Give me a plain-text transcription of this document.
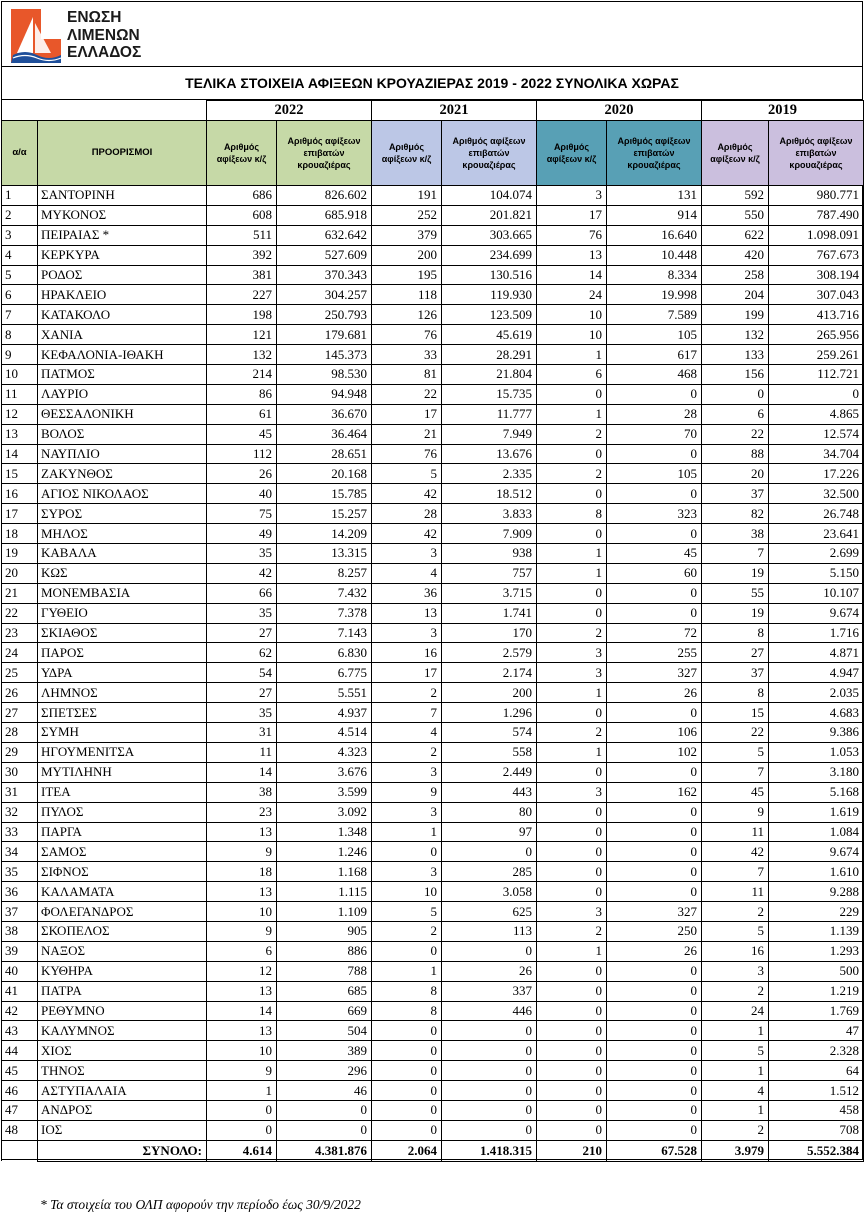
ΕΝΩΣΗ
ΛΙΜΕΝΩΝ
ΕΛΛΑΔΟΣ
ΤΕΛΙΚΑ ΣΤΟΙΧΕΙΑ ΑΦΙΞΕΩΝ ΚΡΟΥΑΖΙΕΡΑΣ 2019 - 2022 ΣΥΝΟΛΙΚΑ ΧΩΡΑΣ
		2022		2021		2020		2019	
α/α	ΠΡΟΟΡΙΣΜΟΙ	Αριθμός αφίξεων κ/ζ	Αριθμός αφίξεων επιβατών κρουαζιέρας	Αριθμός αφίξεων κ/ζ	Αριθμός αφίξεων επιβατών κρουαζιέρας	Αριθμός αφίξεων κ/ζ	Αριθμός αφίξεων επιβατών κρουαζιέρας	Αριθμός αφίξεων κ/ζ	Αριθμός αφίξεων επιβατών κρουαζιέρας
1	ΣΑΝΤΟΡΙΝΗ	686	826.602	191	104.074	3	131	592	980.771
2	ΜΥΚΟΝΟΣ	608	685.918	252	201.821	17	914	550	787.490
3	ΠΕΙΡΑΙΑΣ *	511	632.642	379	303.665	76	16.640	622	1.098.091
4	ΚΕΡΚΥΡΑ	392	527.609	200	234.699	13	10.448	420	767.673
5	ΡΟΔΟΣ	381	370.343	195	130.516	14	8.334	258	308.194
6	ΗΡΑΚΛΕΙΟ	227	304.257	118	119.930	24	19.998	204	307.043
7	ΚΑΤΑΚΟΛΟ	198	250.793	126	123.509	10	7.589	199	413.716
8	ΧΑΝΙΑ	121	179.681	76	45.619	10	105	132	265.956
9	ΚΕΦΑΛΟΝΙΑ-ΙΘΑΚΗ	132	145.373	33	28.291	1	617	133	259.261
10	ΠΑΤΜΟΣ	214	98.530	81	21.804	6	468	156	112.721
11	ΛΑΥΡΙΟ	86	94.948	22	15.735	0	0	0	0
12	ΘΕΣΣΑΛΟΝΙΚΗ	61	36.670	17	11.777	1	28	6	4.865
13	ΒΟΛΟΣ	45	36.464	21	7.949	2	70	22	12.574
14	ΝΑΥΠΛΙΟ	112	28.651	76	13.676	0	0	88	34.704
15	ΖΑΚΥΝΘΟΣ	26	20.168	5	2.335	2	105	20	17.226
16	ΑΓΙΟΣ ΝΙΚΟΛΑΟΣ	40	15.785	42	18.512	0	0	37	32.500
17	ΣΥΡΟΣ	75	15.257	28	3.833	8	323	82	26.748
18	ΜΗΛΟΣ	49	14.209	42	7.909	0	0	38	23.641
19	ΚΑΒΑΛΑ	35	13.315	3	938	1	45	7	2.699
20	ΚΩΣ	42	8.257	4	757	1	60	19	5.150
21	ΜΟΝΕΜΒΑΣΙΑ	66	7.432	36	3.715	0	0	55	10.107
22	ΓΥΘΕΙΟ	35	7.378	13	1.741	0	0	19	9.674
23	ΣΚΙΑΘΟΣ	27	7.143	3	170	2	72	8	1.716
24	ΠΑΡΟΣ	62	6.830	16	2.579	3	255	27	4.871
25	ΥΔΡΑ	54	6.775	17	2.174	3	327	37	4.947
26	ΛΗΜΝΟΣ	27	5.551	2	200	1	26	8	2.035
27	ΣΠΕΤΣΕΣ	35	4.937	7	1.296	0	0	15	4.683
28	ΣΥΜΗ	31	4.514	4	574	2	106	22	9.386
29	ΗΓΟΥΜΕΝΙΤΣΑ	11	4.323	2	558	1	102	5	1.053
30	ΜΥΤΙΛΗΝΗ	14	3.676	3	2.449	0	0	7	3.180
31	ΙΤΕΑ	38	3.599	9	443	3	162	45	5.168
32	ΠΥΛΟΣ	23	3.092	3	80	0	0	9	1.619
33	ΠΑΡΓΑ	13	1.348	1	97	0	0	11	1.084
34	ΣΑΜΟΣ	9	1.246	0	0	0	0	42	9.674
35	ΣΙΦΝΟΣ	18	1.168	3	285	0	0	7	1.610
36	ΚΑΛΑΜΑΤΑ	13	1.115	10	3.058	0	0	11	9.288
37	ΦΟΛΕΓΑΝΔΡΟΣ	10	1.109	5	625	3	327	2	229
38	ΣΚΟΠΕΛΟΣ	9	905	2	113	2	250	5	1.139
39	ΝΑΞΟΣ	6	886	0	0	1	26	16	1.293
40	ΚΥΘΗΡΑ	12	788	1	26	0	0	3	500
41	ΠΑΤΡΑ	13	685	8	337	0	0	2	1.219
42	ΡΕΘΥΜΝΟ	14	669	8	446	0	0	24	1.769
43	ΚΑΛΥΜΝΟΣ	13	504	0	0	0	0	1	47
44	ΧΙΟΣ	10	389	0	0	0	0	5	2.328
45	ΤΗΝΟΣ	9	296	0	0	0	0	1	64
46	ΑΣΤΥΠΑΛΑΙΑ	1	46	0	0	0	0	4	1.512
47	ΑΝΔΡΟΣ	0	0	0	0	0	0	1	458
48	ΙΟΣ	0	0	0	0	0	0	2	708
	ΣΥΝΟΛΟ:	4.614	4.381.876	2.064	1.418.315	210	67.528	3.979	5.552.384
* Τα στοιχεία του ΟΛΠ αφορούν την περίοδο έως 30/9/2022
